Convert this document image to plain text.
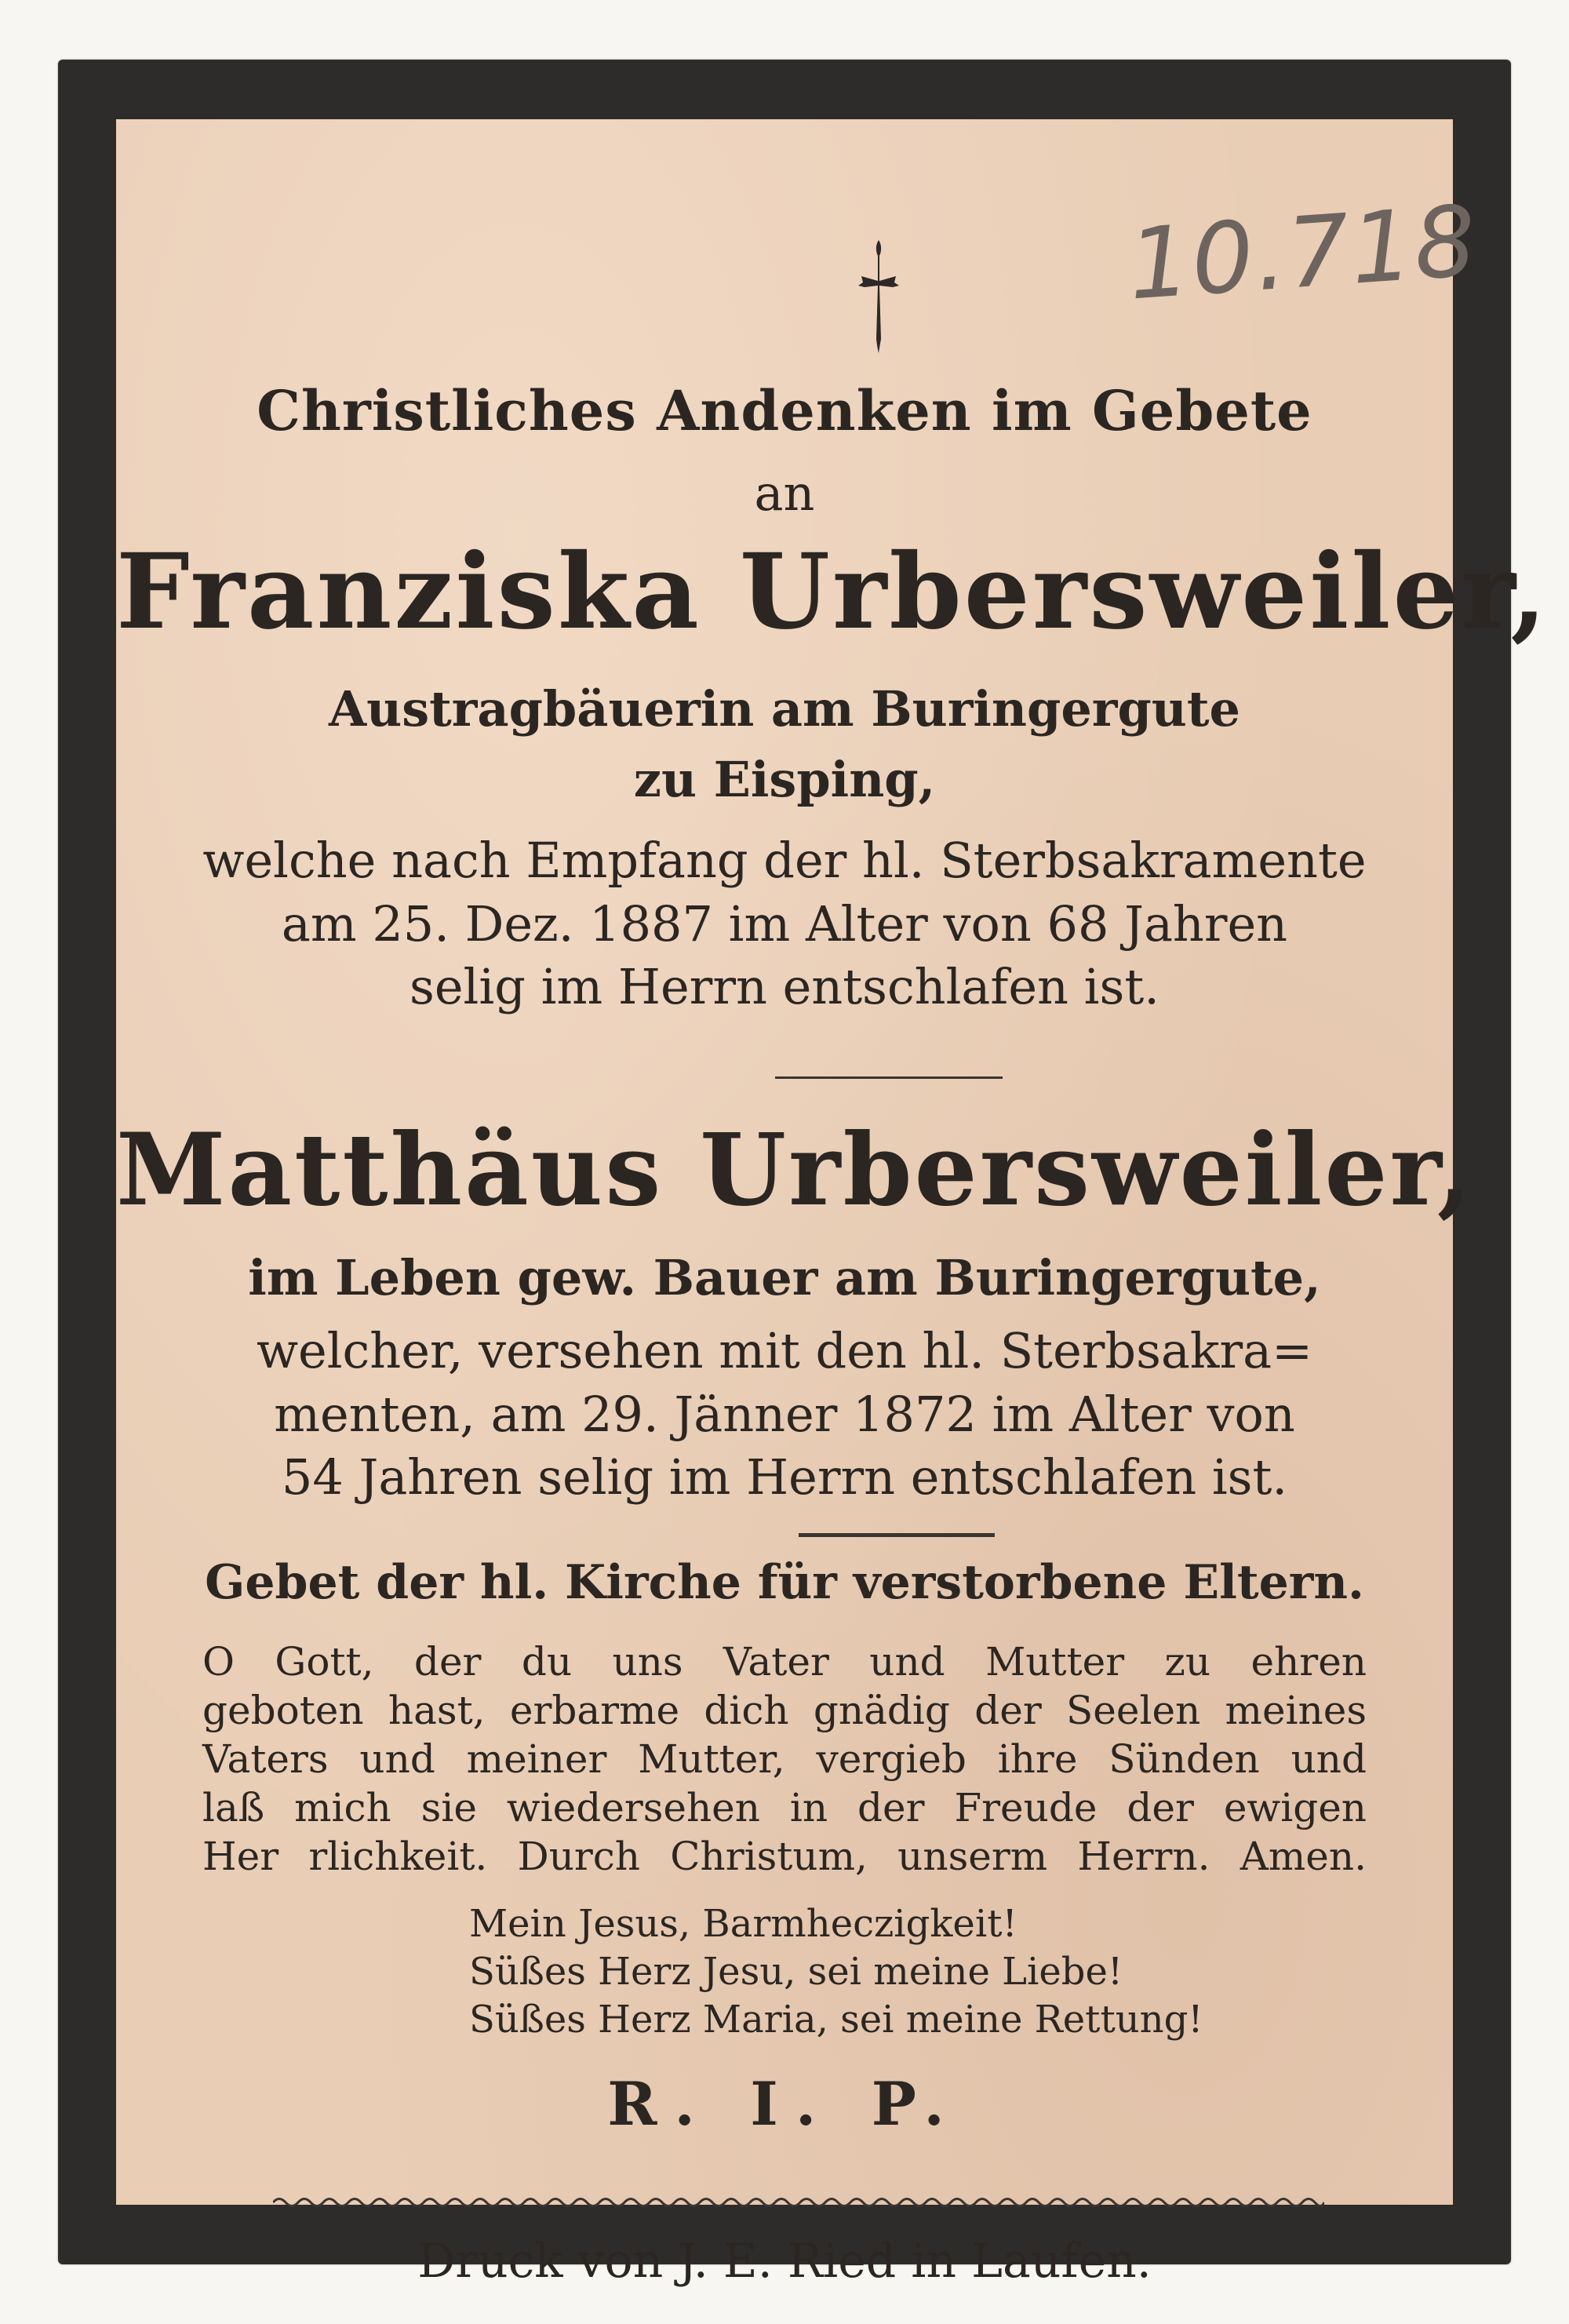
10.718
Christliches Andenken im Gebete
an
Franziska Urbersweiler,
Austragbäuerin am Buringergute
zu Eisping,
welche nach Empfang der hl. Sterbsakramente
am 25. Dez. 1887 im Alter von 68 Jahren
selig im Herrn entschlafen ist.
Matthäus Urbersweiler,
im Leben gew. Bauer am Buringergute,
welcher, versehen mit den hl. Sterbsakra=
menten, am 29. Jänner 1872 im Alter von
54 Jahren selig im Herrn entschlafen ist.
Gebet der hl. Kirche für verstorbene Eltern.

O Gott, der du uns Vater und Mutter zu ehren

geboten hast, erbarme dich gnädig der Seelen meines

Vaters und meiner Mutter, vergieb ihre Sünden und

laß mich sie wiedersehen in der Freude der ewigen

Her rlichkeit. Durch Christum, unserm Herrn. Amen.

Mein Jesus, Barmheczigkeit!
Süßes Herz Jesu, sei meine Liebe!
Süßes Herz Maria, sei meine Rettung!
R. I. P.
Druck von J. E. Ried in Laufen.
